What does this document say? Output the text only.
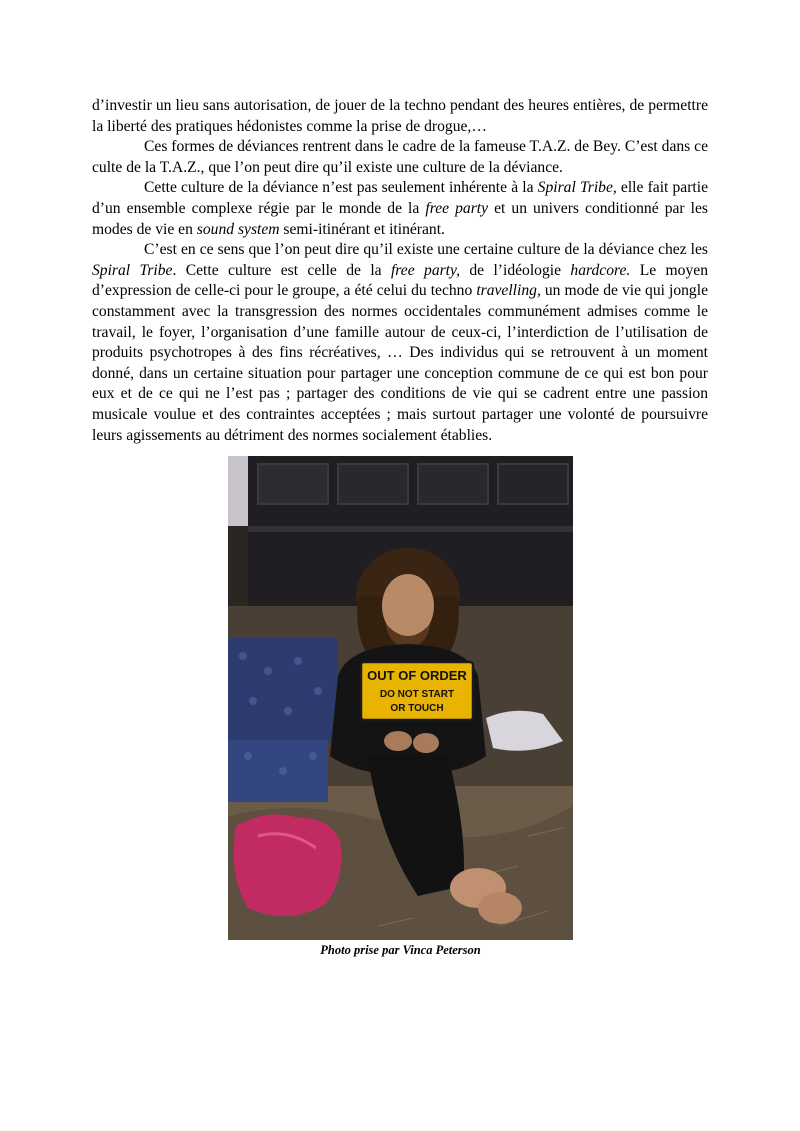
d’investir un lieu sans autorisation, de jouer de la techno pendant des heures entières, de permettre la liberté des pratiques hédonistes comme la prise de drogue,…

Ces formes de déviances rentrent dans le cadre de la fameuse T.A.Z. de Bey. C’est dans ce culte de la T.A.Z., que l’on peut dire qu’il existe une culture de la déviance.

Cette culture de la déviance n’est pas seulement inhérente à la Spiral Tribe, elle fait partie d’un ensemble complexe régie par le monde de la free party et un univers conditionné par les modes de vie en sound system semi-itinérant et itinérant.

C’est en ce sens que l’on peut dire qu’il existe une certaine culture de la déviance chez les Spiral Tribe. Cette culture est celle de la free party, de l’idéologie hardcore. Le moyen d’expression de celle-ci pour le groupe, a été celui du techno travelling, un mode de vie qui jongle constamment avec la transgression des normes occidentales communément admises comme le travail, le foyer, l’organisation d’une famille autour de ceux-ci, l’interdiction de l’utilisation de produits psychotropes à des fins récréatives, … Des individus qui se retrouvent à un moment donné, dans un certaine situation pour partager une conception commune de ce qui est bon pour eux et de ce qui ne l’est pas ; partager des conditions de vie qui se cadrent entre une passion musicale voulue et des contraintes acceptées ; mais surtout partager une volonté de poursuivre leurs agissements au détriment des normes socialement établies.

OUT OF ORDER
DO NOT START
OR TOUCH
Photo prise par Vinca Peterson
